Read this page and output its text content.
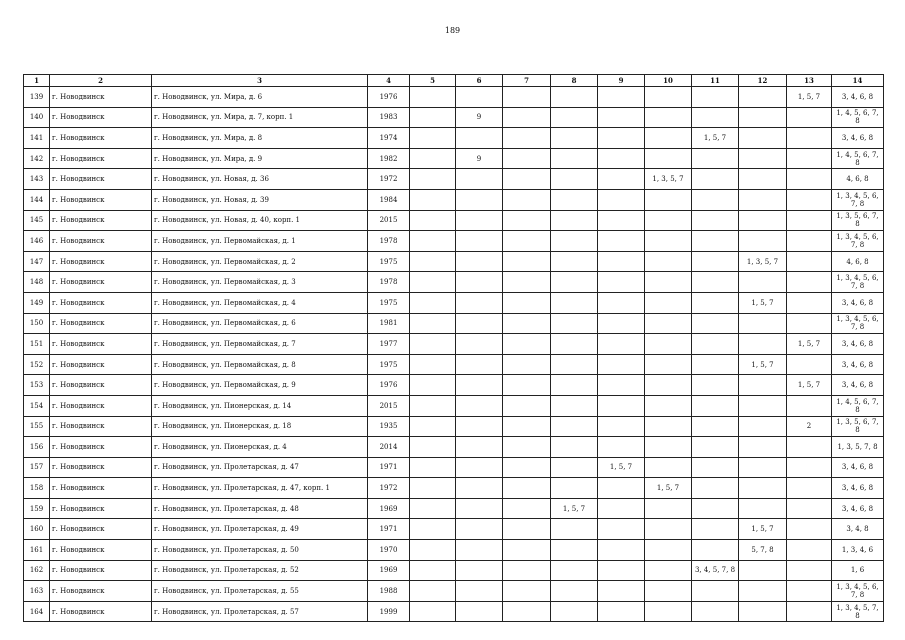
189
1	2	3	4	5	6	7	8	9	10	11	12	13	14
139	г. Новодвинск	г. Новодвинск, ул. Мира, д. 6	1976									1, 5, 7	3, 4, 6, 8
140	г. Новодвинск	г. Новодвинск, ул. Мира, д. 7, корп. 1	1983		9								1, 4, 5, 6, 7, 8
141	г. Новодвинск	г. Новодвинск, ул. Мира, д. 8	1974							1, 5, 7			3, 4, 6, 8
142	г. Новодвинск	г. Новодвинск, ул. Мира, д. 9	1982		9								1, 4, 5, 6, 7, 8
143	г. Новодвинск	г. Новодвинск, ул. Новая, д. 36	1972						1, 3, 5, 7				4, 6, 8
144	г. Новодвинск	г. Новодвинск, ул. Новая, д. 39	1984										1, 3, 4, 5, 6, 7, 8
145	г. Новодвинск	г. Новодвинск, ул. Новая, д. 40, корп. 1	2015										1, 3, 5, 6, 7, 8
146	г. Новодвинск	г. Новодвинск, ул. Первомайская, д. 1	1978										1, 3, 4, 5, 6, 7, 8
147	г. Новодвинск	г. Новодвинск, ул. Первомайская, д. 2	1975								1, 3, 5, 7		4, 6, 8
148	г. Новодвинск	г. Новодвинск, ул. Первомайская, д. 3	1978										1, 3, 4, 5, 6, 7, 8
149	г. Новодвинск	г. Новодвинск, ул. Первомайская, д. 4	1975								1, 5, 7		3, 4, 6, 8
150	г. Новодвинск	г. Новодвинск, ул. Первомайская, д. 6	1981										1, 3, 4, 5, 6, 7, 8
151	г. Новодвинск	г. Новодвинск, ул. Первомайская, д. 7	1977									1, 5, 7	3, 4, 6, 8
152	г. Новодвинск	г. Новодвинск, ул. Первомайская, д. 8	1975								1, 5, 7		3, 4, 6, 8
153	г. Новодвинск	г. Новодвинск, ул. Первомайская, д. 9	1976									1, 5, 7	3, 4, 6, 8
154	г. Новодвинск	г. Новодвинск, ул. Пионерская, д. 14	2015										1, 4, 5, 6, 7, 8
155	г. Новодвинск	г. Новодвинск, ул. Пионерская, д. 18	1935									2	1, 3, 5, 6, 7, 8
156	г. Новодвинск	г. Новодвинск, ул. Пионерская, д. 4	2014										1, 3, 5, 7, 8
157	г. Новодвинск	г. Новодвинск, ул. Пролетарская, д. 47	1971					1, 5, 7					3, 4, 6, 8
158	г. Новодвинск	г. Новодвинск, ул. Пролетарская, д. 47, корп. 1	1972						1, 5, 7				3, 4, 6, 8
159	г. Новодвинск	г. Новодвинск, ул. Пролетарская, д. 48	1969				1, 5, 7						3, 4, 6, 8
160	г. Новодвинск	г. Новодвинск, ул. Пролетарская, д. 49	1971								1, 5, 7		3, 4, 8
161	г. Новодвинск	г. Новодвинск, ул. Пролетарская, д. 50	1970								5, 7, 8		1, 3, 4, 6
162	г. Новодвинск	г. Новодвинск, ул. Пролетарская, д. 52	1969							3, 4, 5, 7, 8			1, 6
163	г. Новодвинск	г. Новодвинск, ул. Пролетарская, д. 55	1988										1, 3, 4, 5, 6, 7, 8
164	г. Новодвинск	г. Новодвинск, ул. Пролетарская, д. 57	1999										1, 3, 4, 5, 7, 8
